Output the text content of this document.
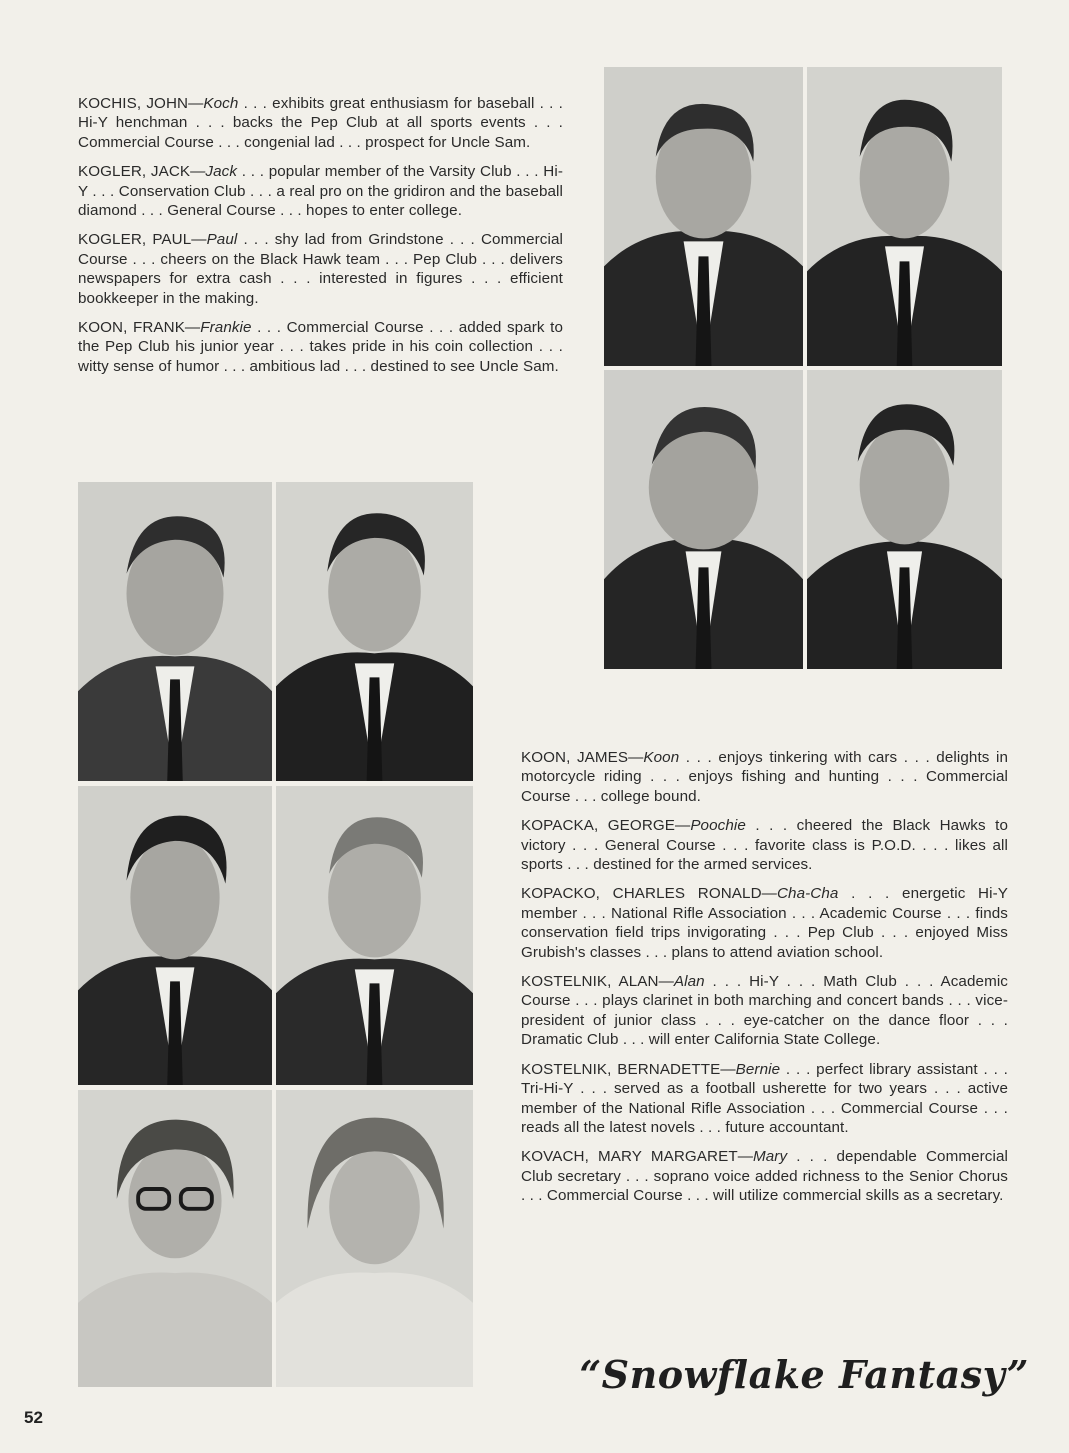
KOCHIS, JOHN—Koch . . . exhibits great enthusiasm for baseball . . . Hi-Y henchman . . . backs the Pep Club at all sports events . . . Commercial Course . . . congenial lad . . . prospect for Uncle Sam.

KOGLER, JACK—Jack . . . popular member of the Varsity Club . . . Hi-Y . . . Conservation Club . . . a real pro on the gridiron and the baseball diamond . . . General Course . . . hopes to enter college.

KOGLER, PAUL—Paul . . . shy lad from Grindstone . . . Commercial Course . . . cheers on the Black Hawk team . . . Pep Club . . . delivers newspapers for extra cash . . . interested in figures . . . efficient bookkeeper in the making.

KOON, FRANK—Frankie . . . Commercial Course . . . added spark to the Pep Club his junior year . . . takes pride in his coin collection . . . witty sense of humor . . . ambitious lad . . . destined to see Uncle Sam.

KOON, JAMES—Koon . . . enjoys tinkering with cars . . . delights in motorcycle riding . . . enjoys fishing and hunting . . . Commercial Course . . . college bound.

KOPACKA, GEORGE—Poochie . . . cheered the Black Hawks to victory . . . General Course . . . favorite class is P.O.D. . . . likes all sports . . . destined for the armed services.

KOPACKO, CHARLES RONALD—Cha-Cha . . . energetic Hi-Y member . . . National Rifle Association . . . Academic Course . . . finds conservation field trips invigorating . . . Pep Club . . . enjoyed Miss Grubish's classes . . . plans to attend aviation school.

KOSTELNIK, ALAN—Alan . . . Hi-Y . . . Math Club . . . Academic Course . . . plays clarinet in both marching and concert bands . . . vice-president of junior class . . . eye-catcher on the dance floor . . . Dramatic Club . . . will enter California State College.

KOSTELNIK, BERNADETTE—Bernie . . . perfect library assistant . . . Tri-Hi-Y . . . served as a football usherette for two years . . . active member of the National Rifle Association . . . Commercial Course . . . reads all the latest novels . . . future accountant.

KOVACH, MARY MARGARET—Mary . . . dependable Commercial Club secretary . . . soprano voice added richness to the Senior Chorus . . . Commercial Course . . . will utilize commercial skills as a secretary.

“Snowflake Fantasy”
52
